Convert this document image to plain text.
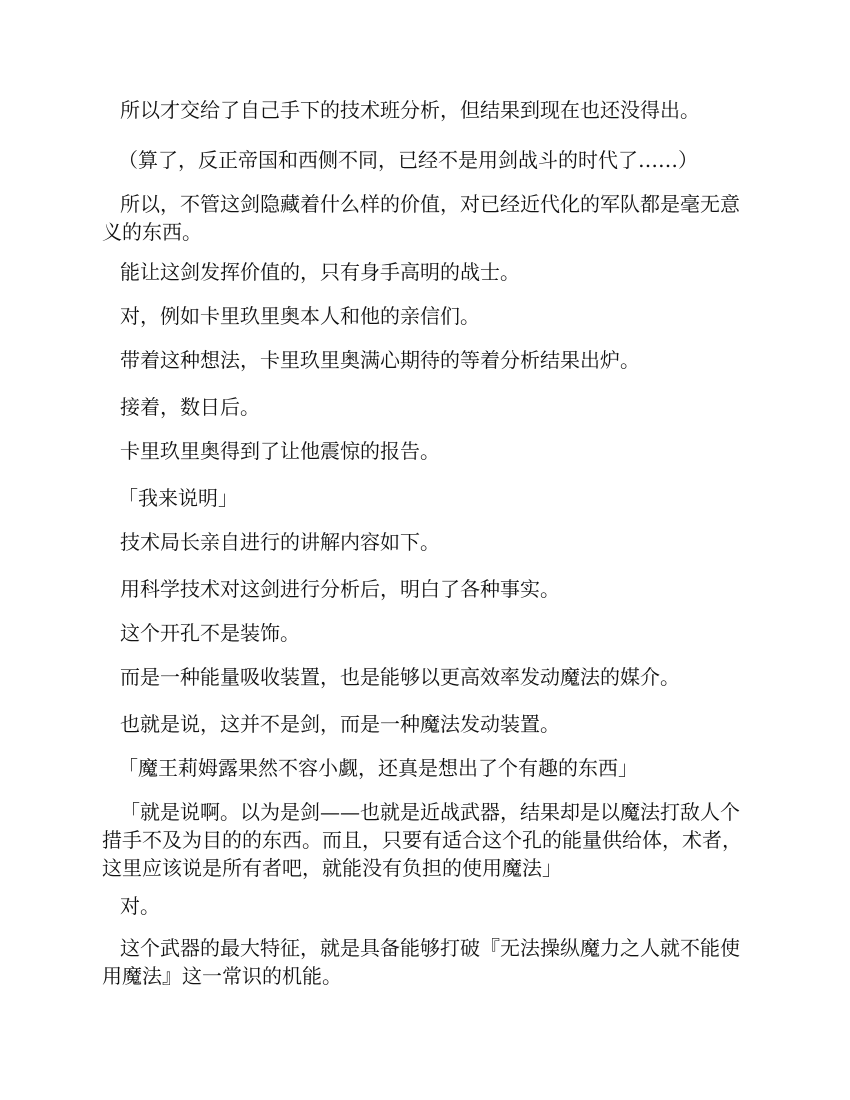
所以才交给了自己手下的技术班分析，但结果到现在也还没得出。

（算了，反正帝国和西侧不同，已经不是用剑战斗的时代了……）

所以，不管这剑隐藏着什么样的价值，对已经近代化的军队都是毫无意义的东西。

能让这剑发挥价值的，只有身手高明的战士。

对，例如卡里玖里奥本人和他的亲信们。

带着这种想法，卡里玖里奥满心期待的等着分析结果出炉。

接着，数日后。

卡里玖里奥得到了让他震惊的报告。

「我来说明」

技术局长亲自进行的讲解内容如下。

用科学技术对这剑进行分析后，明白了各种事实。

这个开孔不是装饰。

而是一种能量吸收装置，也是能够以更高效率发动魔法的媒介。

也就是说，这并不是剑，而是一种魔法发动装置。

「魔王莉姆露果然不容小觑，还真是想出了个有趣的东西」

「就是说啊。以为是剑——也就是近战武器，结果却是以魔法打敌人个措手不及为目的的东西。而且，只要有适合这个孔的能量供给体，术者，这里应该说是所有者吧，就能没有负担的使用魔法」

对。

这个武器的最大特征，就是具备能够打破『无法操纵魔力之人就不能使用魔法』这一常识的机能。
